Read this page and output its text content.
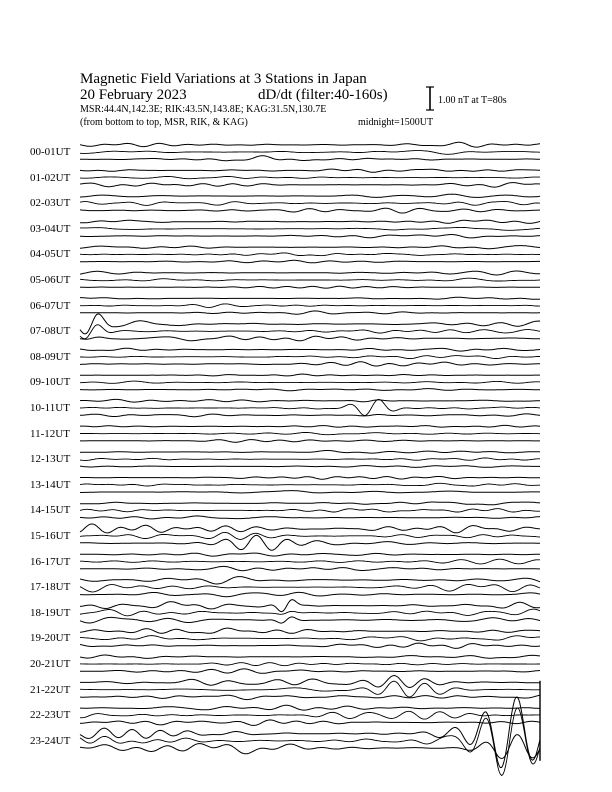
Magnetic Field Variations at 3 Stations in Japan
20 February 2023	dD/dt (filter:40-160s)
MSR:44.4N,142.3E; RIK:43.5N,143.8E; KAG:31.5N,130.7E
(from bottom to top, MSR, RIK, & KAG)	midnight=1500UT
1.00 nT at T=80s
00-01UT
01-02UT
02-03UT
03-04UT
04-05UT
05-06UT
06-07UT
07-08UT
08-09UT
09-10UT
10-11UT
11-12UT
12-13UT
13-14UT
14-15UT
15-16UT
16-17UT
17-18UT
18-19UT
19-20UT
20-21UT
21-22UT
22-23UT
23-24UT
